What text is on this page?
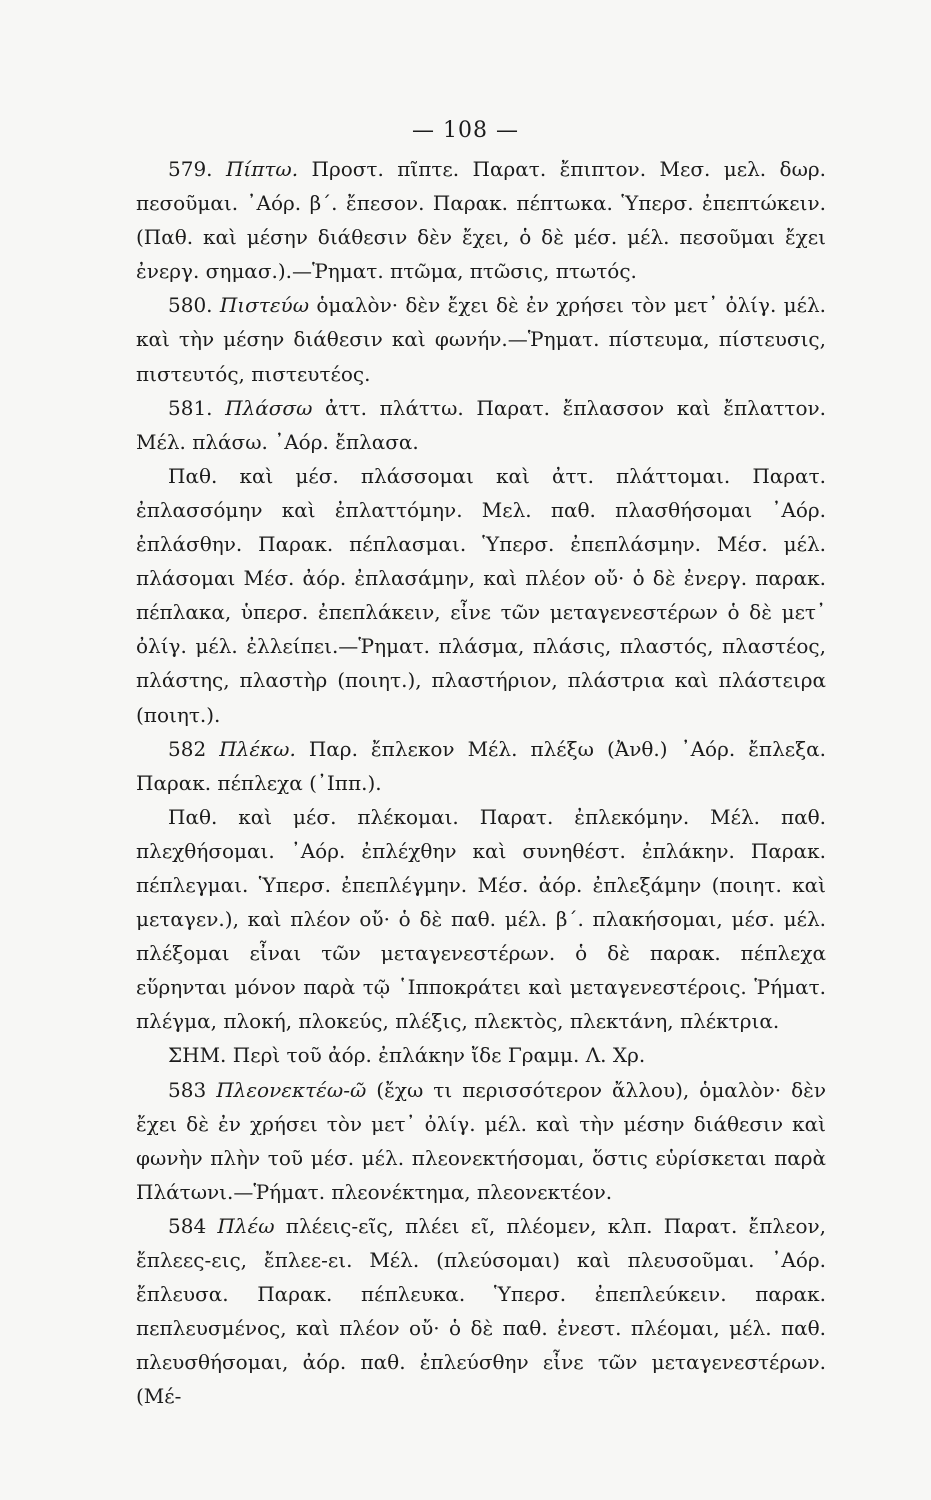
— 108 —

579. Πίπτω. Προστ. πῖπτε. Παρατ. ἔπιπτον. Μεσ. μελ. δωρ. πεσοῦμαι. ᾿Αόρ. β΄. ἔπεσον. Παρακ. πέπτωκα. Ὑπερσ. ἐπεπτώκειν. (Παθ. καὶ μέσην διάθεσιν δὲν ἔχει, ὁ δὲ μέσ. μέλ. πεσοῦμαι ἔχει ἐνεργ. σημασ.).—Ῥηματ. πτῶμα, πτῶσις, πτωτός.

580. Πιστεύω ὁμαλὸν· δὲν ἔχει δὲ ἐν χρήσει τὸν μετ᾿ ὀλίγ. μέλ. καὶ τὴν μέσην διάθεσιν καὶ φωνήν.—Ῥηματ. πίστευμα, πίστευσις, πιστευτός, πιστευτέος.

581. Πλάσσω ἀττ. πλάττω. Παρατ. ἔπλασσον καὶ ἔπλαττον. Μέλ. πλάσω. ᾿Αόρ. ἔπλασα.

Παθ. καὶ μέσ. πλάσσομαι καὶ ἀττ. πλάττομαι. Παρατ. ἐπλασσόμην καὶ ἐπλαττόμην. Μελ. παθ. πλασθήσομαι ᾿Αόρ. ἐπλάσθην. Παρακ. πέπλασμαι. Ὑπερσ. ἐπεπλάσμην. Μέσ. μέλ. πλάσομαι Μέσ. ἀόρ. ἐπλασάμην, καὶ πλέον οὔ· ὁ δὲ ἐνεργ. παρακ. πέπλακα, ὑπερσ. ἐπεπλάκειν, εἶνε τῶν μεταγενεστέρων ὁ δὲ μετ᾿ ὀλίγ. μέλ. ἐλλείπει.—Ῥηματ. πλάσμα, πλάσις, πλαστός, πλαστέος, πλάστης, πλαστὴρ (ποιητ.), πλαστήριον, πλάστρια καὶ πλάστειρα (ποιητ.).

582 Πλέκω. Παρ. ἔπλεκον Μέλ. πλέξω (Ἀνθ.) ᾿Αόρ. ἔπλεξα. Παρακ. πέπλεχα (᾿Ιππ.).

Παθ. καὶ μέσ. πλέκομαι. Παρατ. ἐπλεκόμην. Μέλ. παθ. πλεχθήσομαι. ᾿Αόρ. ἐπλέχθην καὶ συνηθέστ. ἐπλάκην. Παρακ. πέπλεγμαι. Ὑπερσ. ἐπεπλέγμην. Μέσ. ἀόρ. ἐπλεξάμην (ποιητ. καὶ μεταγεν.), καὶ πλέον οὔ· ὁ δὲ παθ. μέλ. β΄. πλακήσομαι, μέσ. μέλ. πλέξομαι εἶναι τῶν μεταγενεστέρων. ὁ δὲ παρακ. πέπλεχα εὕρηνται μόνον παρὰ τῷ ῾Ιπποκράτει καὶ μεταγενεστέροις. Ῥήματ. πλέγμα, πλοκή, πλοκεύς, πλέξις, πλεκτὸς, πλεκτάνη, πλέκτρια.

ΣΗΜ. Περὶ τοῦ ἀόρ. ἐπλάκην ἴδε Γραμμ. Λ. Χρ.

583 Πλεονεκτέω-ῶ (ἔχω τι περισσότερον ἄλλου), ὁμαλὸν· δὲν ἔχει δὲ ἐν χρήσει τὸν μετ᾿ ὀλίγ. μέλ. καὶ τὴν μέσην διάθεσιν καὶ φωνὴν πλὴν τοῦ μέσ. μέλ. πλεονεκτήσομαι, ὅστις εὑρίσκεται παρὰ Πλάτωνι.—Ῥήματ. πλεονέκτημα, πλεονεκτέον.

584 Πλέω πλέεις-εῖς, πλέει εῖ, πλέομεν, κλπ. Παρατ. ἔπλεον, ἔπλεες-εις, ἔπλεε-ει. Μέλ. (πλεύσομαι) καὶ πλευσοῦμαι. ᾿Αόρ. ἔπλευσα. Παρακ. πέπλευκα. Ὑπερσ. ἐπεπλεύκειν. παρακ. πεπλευσμένος, καὶ πλέον οὔ· ὁ δὲ παθ. ἐνεστ. πλέομαι, μέλ. παθ. πλευσθήσομαι, ἀόρ. παθ. ἐπλεύσθην εἶνε τῶν μεταγενεστέρων. (Μέ-
